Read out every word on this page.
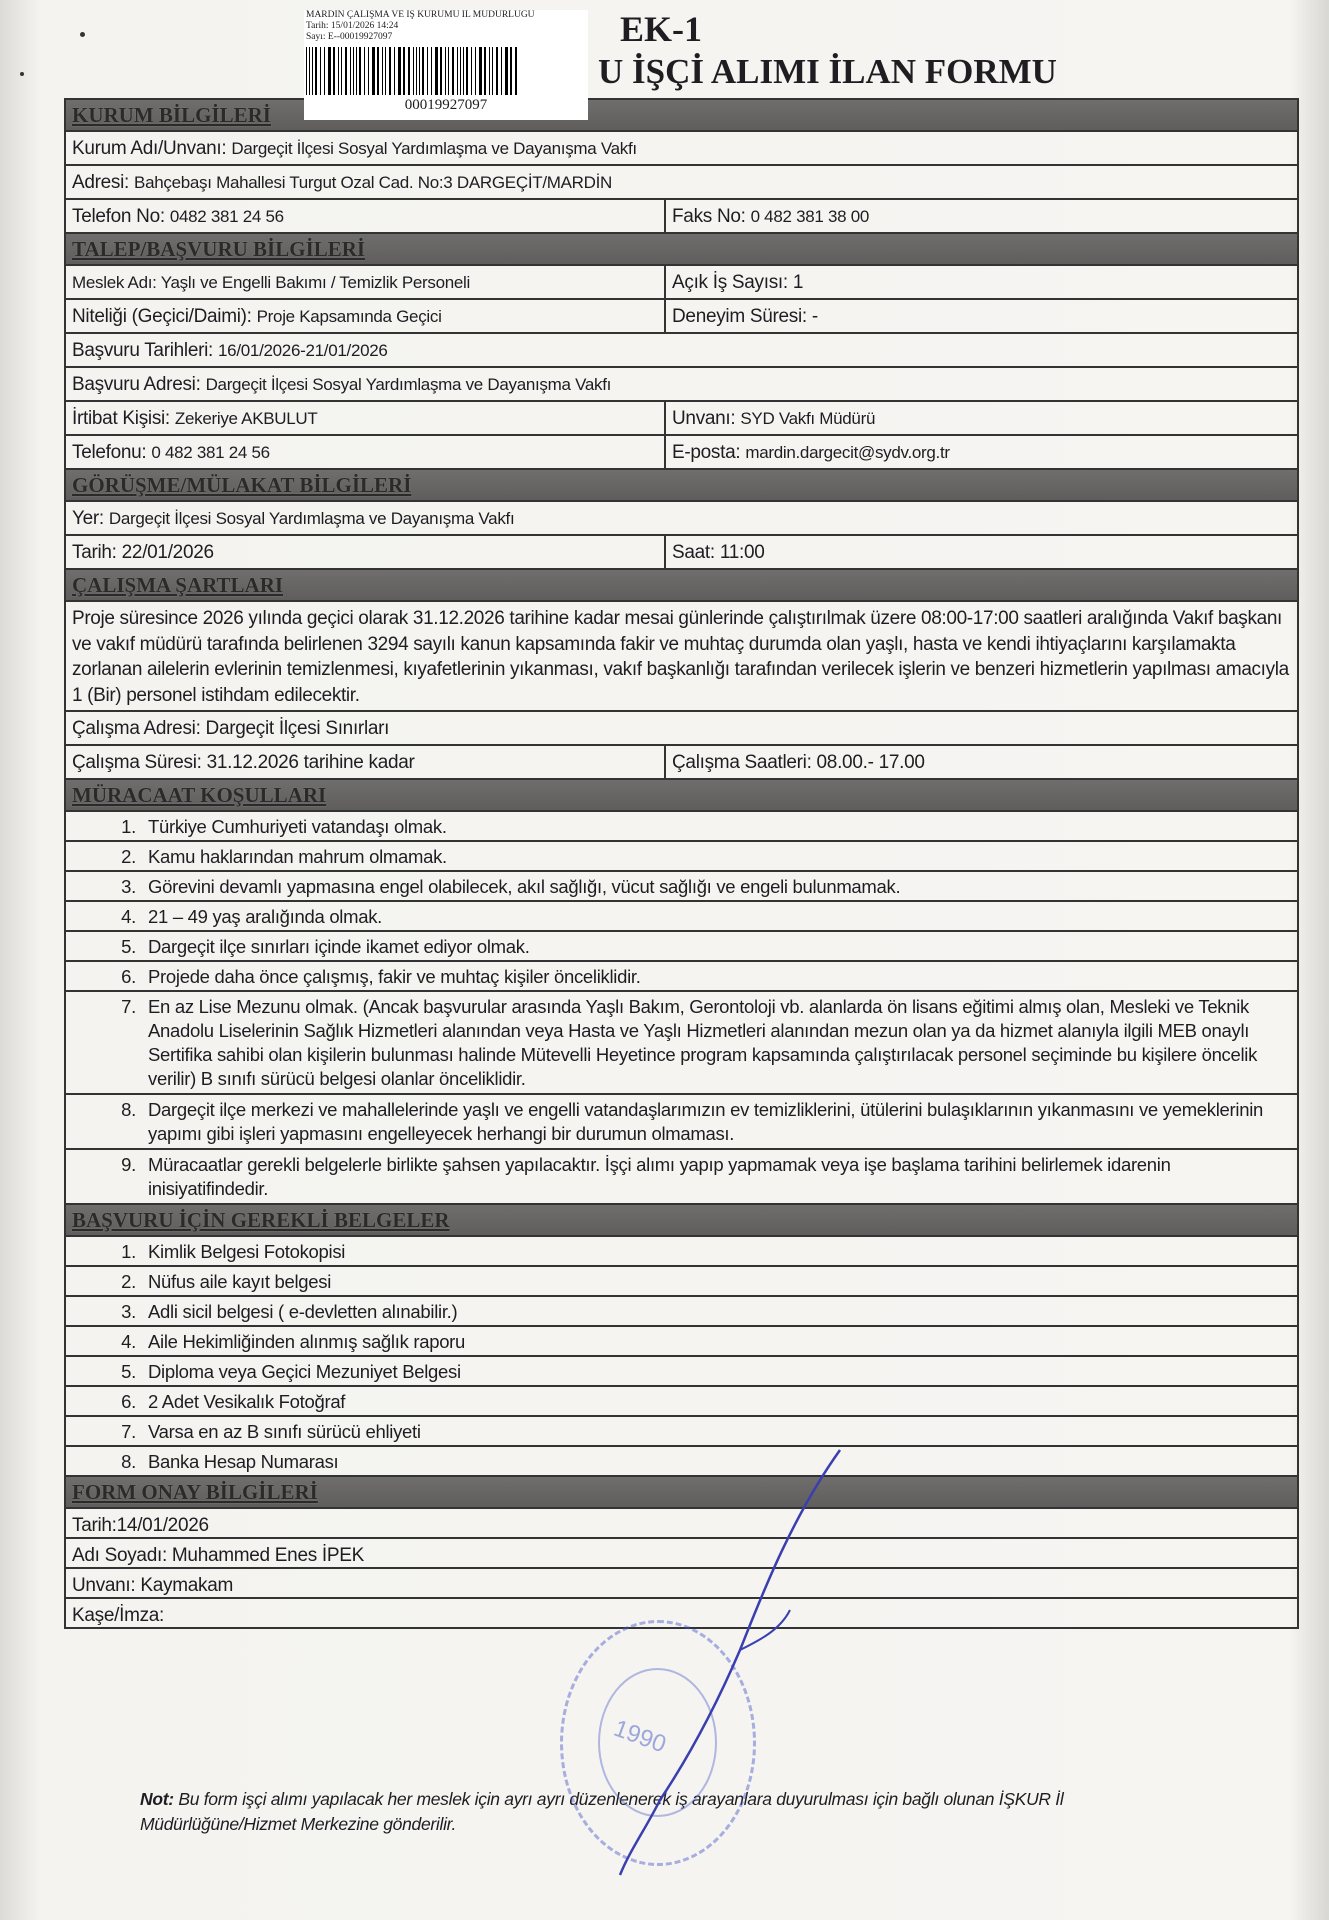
EK-1
U İŞÇİ ALIMI İLAN FORMU
MARDIN ÇALIŞMA VE IŞ KURUMU IL MUDURLUGU
Tarih: 15/01/2026 14:24
Sayı: E--00019927097
00019927097
KURUM BİLGİLERİ
Kurum Adı/Unvanı: Dargeçit İlçesi Sosyal Yardımlaşma ve Dayanışma Vakfı
Adresi: Bahçebaşı Mahallesi Turgut Ozal Cad. No:3 DARGEÇİT/MARDİN
Telefon No: 0482 381 24 56	Faks No: 0 482 381 38 00
TALEP/BAŞVURU BİLGİLERİ
Meslek Adı: Yaşlı ve Engelli Bakımı / Temizlik Personeli	Açık İş Sayısı: 1
Niteliği (Geçici/Daimi): Proje Kapsamında Geçici	Deneyim Süresi: -
Başvuru Tarihleri: 16/01/2026-21/01/2026
Başvuru Adresi: Dargeçit İlçesi Sosyal Yardımlaşma ve Dayanışma Vakfı
İrtibat Kişisi: Zekeriye AKBULUT	Unvanı: SYD Vakfı Müdürü
Telefonu: 0 482 381 24 56	E-posta: mardin.dargecit@sydv.org.tr
GÖRÜŞME/MÜLAKAT BİLGİLERİ
Yer: Dargeçit İlçesi Sosyal Yardımlaşma ve Dayanışma Vakfı
Tarih: 22/01/2026	Saat: 11:00
ÇALIŞMA ŞARTLARI
Proje süresince 2026 yılında geçici olarak 31.12.2026 tarihine kadar mesai günlerinde çalıştırılmak üzere 08:00-17:00 saatleri aralığında Vakıf başkanı ve vakıf müdürü tarafında belirlenen 3294 sayılı kanun kapsamında fakir ve muhtaç durumda olan yaşlı, hasta ve kendi ihtiyaçlarını karşılamakta zorlanan ailelerin evlerinin temizlenmesi, kıyafetlerinin yıkanması, vakıf başkanlığı tarafından verilecek işlerin ve benzeri hizmetlerin yapılması amacıyla 1 (Bir) personel istihdam edilecektir.
Çalışma Adresi: Dargeçit İlçesi Sınırları
Çalışma Süresi: 31.12.2026 tarihine kadar	Çalışma Saatleri: 08.00.- 17.00
MÜRACAAT KOŞULLARI
1. Türkiye Cumhuriyeti vatandaşı olmak.
2. Kamu haklarından mahrum olmamak.
3. Görevini devamlı yapmasına engel olabilecek, akıl sağlığı, vücut sağlığı ve engeli bulunmamak.
4. 21 – 49 yaş aralığında olmak.
5. Dargeçit ilçe sınırları içinde ikamet ediyor olmak.
6. Projede daha önce çalışmış, fakir ve muhtaç kişiler önceliklidir.
7. En az Lise Mezunu olmak. (Ancak başvurular arasında Yaşlı Bakım, Gerontoloji vb. alanlarda ön lisans eğitimi almış olan, Mesleki ve Teknik Anadolu Liselerinin Sağlık Hizmetleri alanından veya Hasta ve Yaşlı Hizmetleri alanından mezun olan ya da hizmet alanıyla ilgili MEB onaylı Sertifika sahibi olan kişilerin bulunması halinde Mütevelli Heyetince program kapsamında çalıştırılacak personel seçiminde bu kişilere öncelik verilir) B sınıfı sürücü belgesi olanlar önceliklidir.
8. Dargeçit ilçe merkezi ve mahallelerinde yaşlı ve engelli vatandaşlarımızın ev temizliklerini, ütülerini bulaşıklarının yıkanmasını ve yemeklerinin yapımı gibi işleri yapmasını engelleyecek herhangi bir durumun olmaması.
9. Müracaatlar gerekli belgelerle birlikte şahsen yapılacaktır. İşçi alımı yapıp yapmamak veya işe başlama tarihini belirlemek idarenin inisiyatifindedir.
BAŞVURU İÇİN GEREKLİ BELGELER
1. Kimlik Belgesi Fotokopisi
2. Nüfus aile kayıt belgesi
3. Adli sicil belgesi ( e-devletten alınabilir.)
4. Aile Hekimliğinden alınmış sağlık raporu
5. Diploma veya Geçici Mezuniyet Belgesi
6. 2 Adet Vesikalık Fotoğraf
7. Varsa en az B sınıfı sürücü ehliyeti
8. Banka Hesap Numarası
FORM ONAY BİLGİLERİ
Tarih:14/01/2026
Adı Soyadı: Muhammed Enes İPEK
Unvanı: Kaymakam
Kaşe/İmza:
1990
Not: Bu form işçi alımı yapılacak her meslek için ayrı ayrı düzenlenerek iş arayanlara duyurulması için bağlı olunan İŞKUR İl Müdürlüğüne/Hizmet Merkezine gönderilir.
